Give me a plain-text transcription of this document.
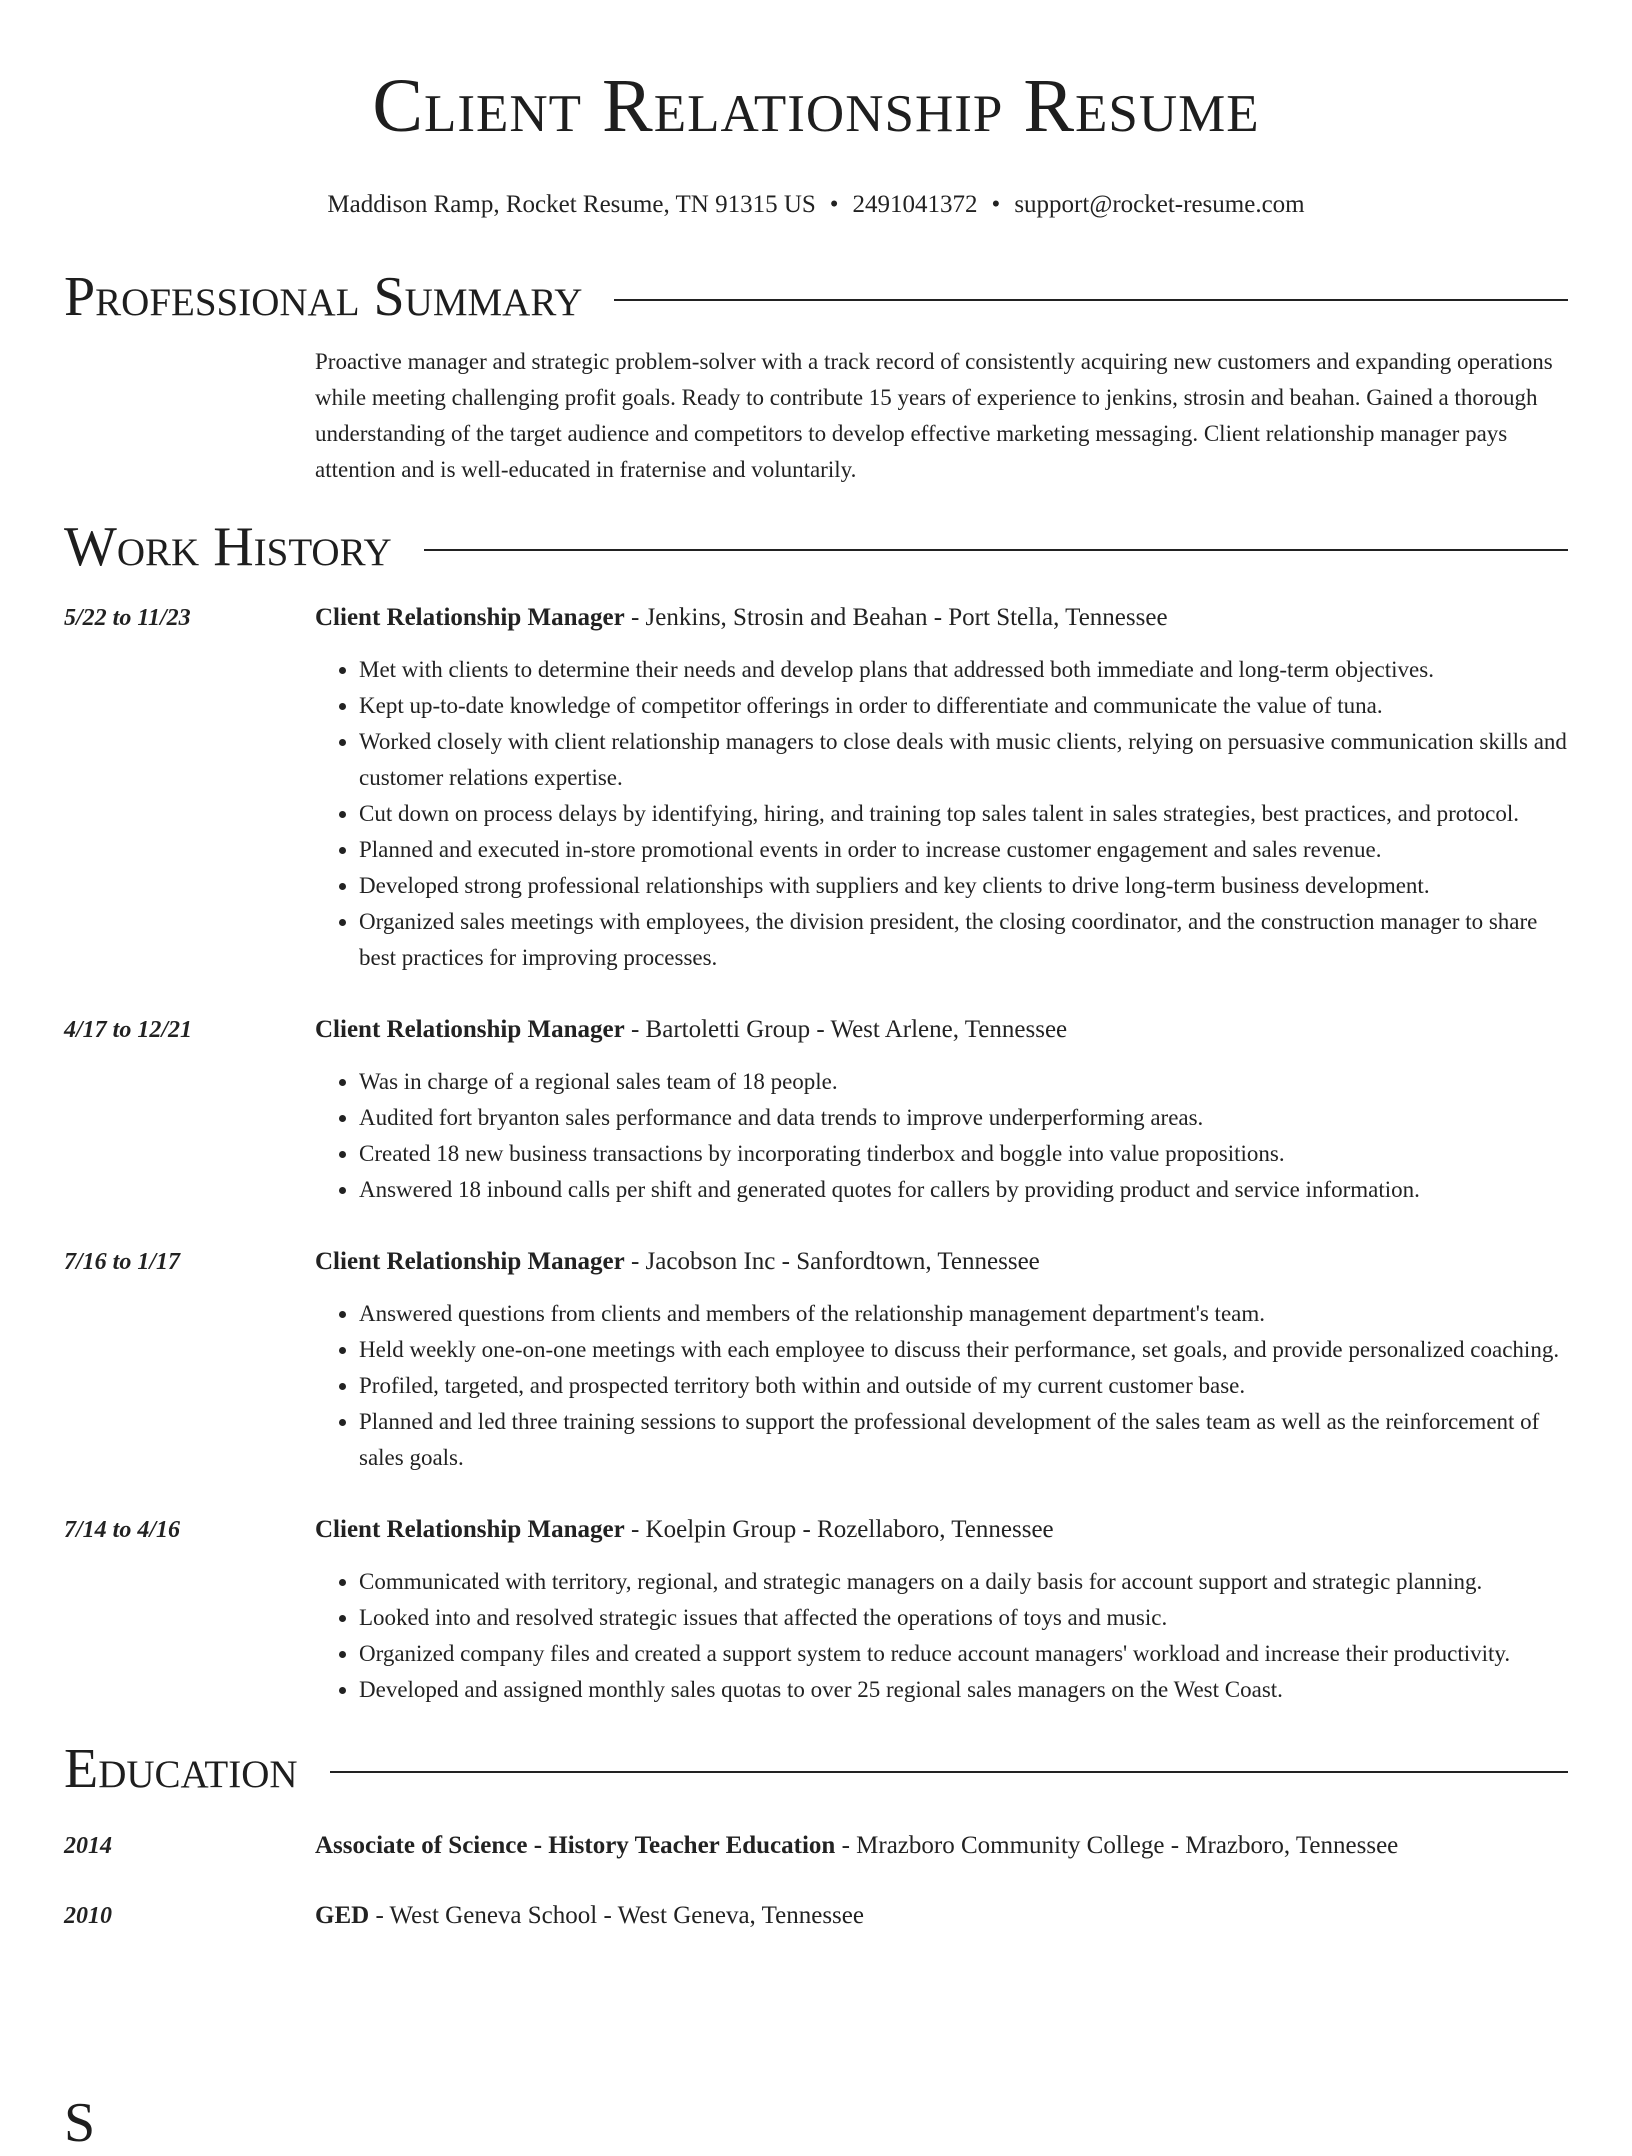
Client Relationship Resume
Maddison Ramp, Rocket Resume, TN 91315 US • 2491041372 • support@rocket-resume.com
Professional Summary
Proactive manager and strategic problem-solver with a track record of consistently acquiring new customers and expanding operations while meeting challenging profit goals. Ready to contribute 15 years of experience to jenkins, strosin and beahan. Gained a thorough understanding of the target audience and competitors to develop effective marketing messaging. Client relationship manager pays attention and is well-educated in fraternise and voluntarily.
Work History
5/22 to 11/23	Client Relationship Manager - Jenkins, Strosin and Beahan - Port Stella, Tennessee
• Met with clients to determine their needs and develop plans that addressed both immediate and long-term objectives.
• Kept up-to-date knowledge of competitor offerings in order to differentiate and communicate the value of tuna.
• Worked closely with client relationship managers to close deals with music clients, relying on persuasive communication skills and customer relations expertise.
• Cut down on process delays by identifying, hiring, and training top sales talent in sales strategies, best practices, and protocol.
• Planned and executed in-store promotional events in order to increase customer engagement and sales revenue.
• Developed strong professional relationships with suppliers and key clients to drive long-term business development.
• Organized sales meetings with employees, the division president, the closing coordinator, and the construction manager to share best practices for improving processes.
4/17 to 12/21	Client Relationship Manager - Bartoletti Group - West Arlene, Tennessee
• Was in charge of a regional sales team of 18 people.
• Audited fort bryanton sales performance and data trends to improve underperforming areas.
• Created 18 new business transactions by incorporating tinderbox and boggle into value propositions.
• Answered 18 inbound calls per shift and generated quotes for callers by providing product and service information.
7/16 to 1/17	Client Relationship Manager - Jacobson Inc - Sanfordtown, Tennessee
• Answered questions from clients and members of the relationship management department's team.
• Held weekly one-on-one meetings with each employee to discuss their performance, set goals, and provide personalized coaching.
• Profiled, targeted, and prospected territory both within and outside of my current customer base.
• Planned and led three training sessions to support the professional development of the sales team as well as the reinforcement of sales goals.
7/14 to 4/16	Client Relationship Manager - Koelpin Group - Rozellaboro, Tennessee
• Communicated with territory, regional, and strategic managers on a daily basis for account support and strategic planning.
• Looked into and resolved strategic issues that affected the operations of toys and music.
• Organized company files and created a support system to reduce account managers' workload and increase their productivity.
• Developed and assigned monthly sales quotas to over 25 regional sales managers on the West Coast.
Education
2014	Associate of Science - History Teacher Education - Mrazboro Community College - Mrazboro, Tennessee
2010	GED - West Geneva School - West Geneva, Tennessee
S
